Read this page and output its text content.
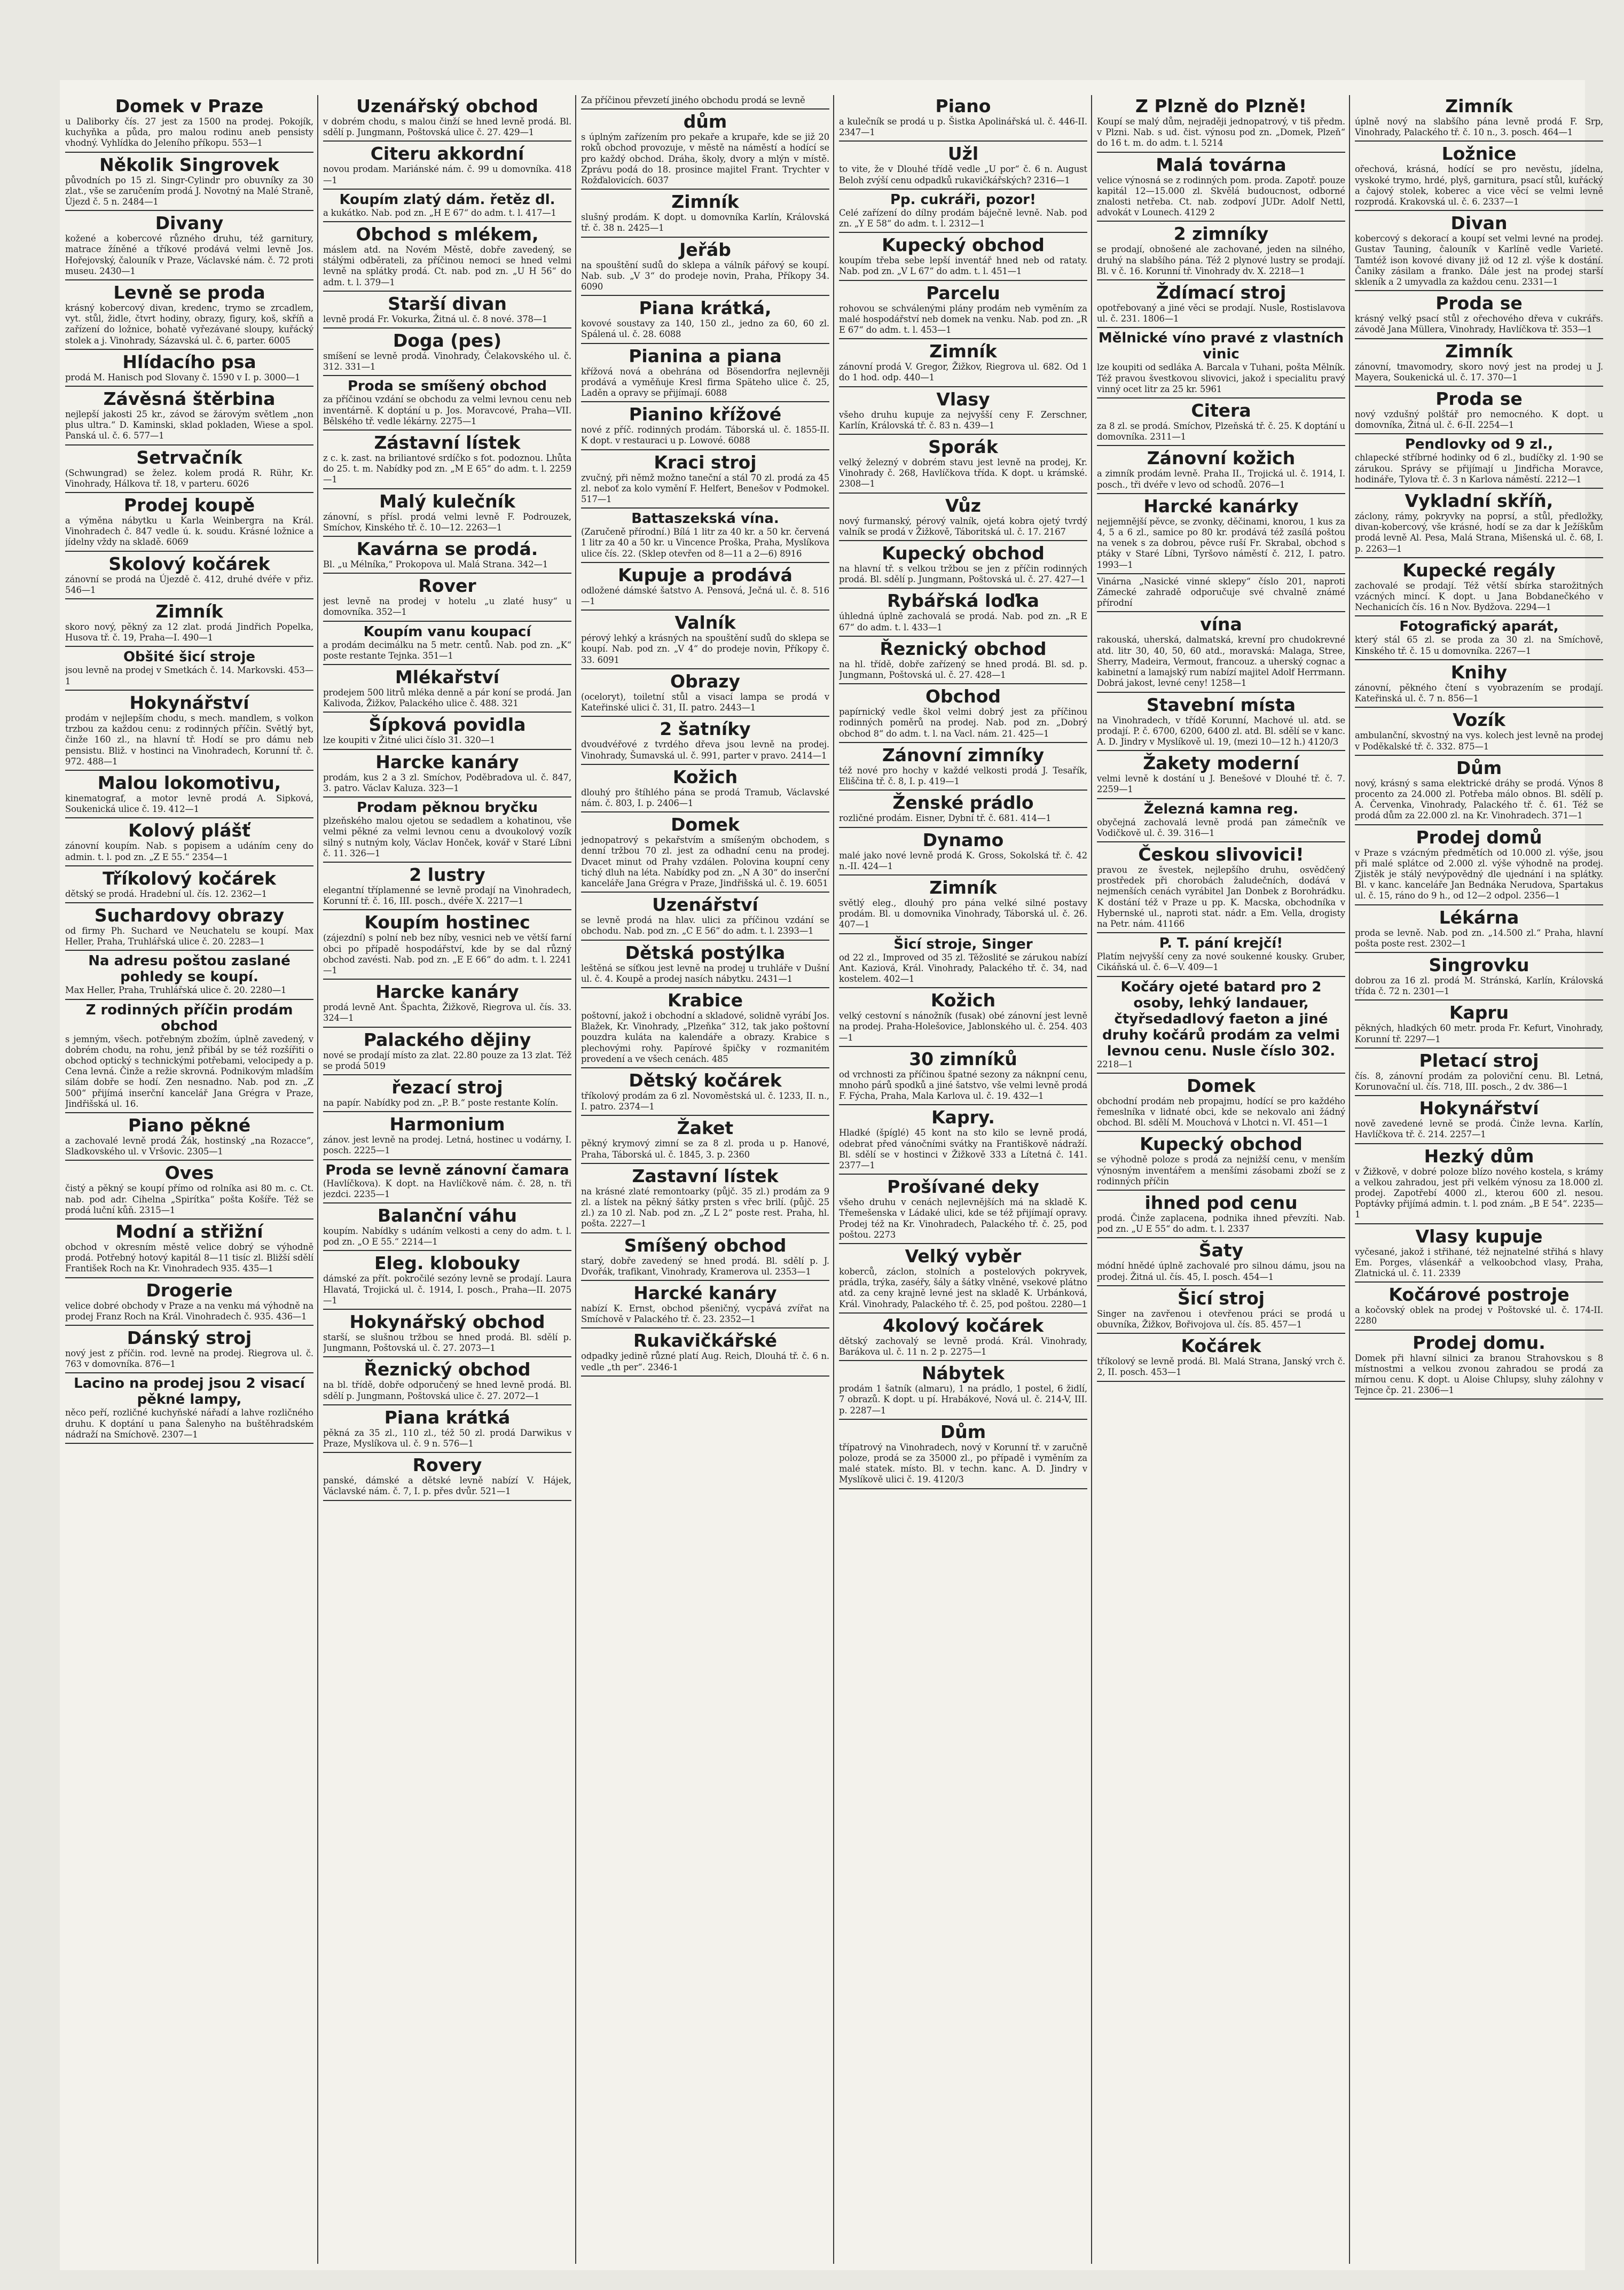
Domek v Praze
u Daliborky čís. 27 jest za 1500 na prodej. Pokojík, kuchyňka a půda, pro malou rodinu aneb pensisty vhodný. Vyhlídka do Jeleního příkopu. 553—1
Několik Singrovek
původních po 15 zl. Singr-Cylindr pro obuvníky za 30 zlat., vše se zaručením prodá J. Novotný na Malé Straně, Újezd č. 5 n. 2484—1
Divany
kožené a kobercové různého druhu, též garnitury, matrace žíněné a tříkové prodává velmi levně Jos. Hořejovský, čalouník v Praze, Václavské nám. č. 72 proti museu. 2430—1
Levně se proda
krásný kobercový divan, kredenc, trymo se zrcadlem, vyt. stůl, židle, čtvrt hodiny, obrazy, figury, koš, skříň a zařízení do ložnice, bohatě vyřezávané sloupy, kuřácký stolek a j. Vinohrady, Sázavská ul. č. 6, parter. 6005
Hlídacího psa
prodá M. Hanisch pod Slovany č. 1590 v I. p. 3000—1
Závěsná štěrbina
nejlepší jakosti 25 kr., závod se žárovým světlem „non plus ultra.“ D. Kaminski, sklad pokladen, Wiese a spol. Panská ul. č. 6. 577—1
Setrvačník
(Schwungrad) se želez. kolem prodá R. Rühr, Kr. Vinohrady, Hálkova tř. 18, v parteru. 6026
Prodej koupě
a výměna nábytku u Karla Weinbergra na Král. Vinohradech č. 847 vedle ú. k. soudu. Krásné ložnice a jídelny vždy na skladě. 6069
Skolový kočárek
zánovní se prodá na Újezdě č. 412, druhé dvéře v přiz. 546—1
Zimník
skoro nový, pěkný za 12 zlat. prodá Jindřich Popelka, Husova tř. č. 19, Praha—I. 490—1
Obšité šicí stroje
jsou levně na prodej v Smetkách č. 14. Markovski. 453—1
Hokynářství
prodám v nejlepším chodu, s mech. mandlem, s volkon trzbou za každou cenu: z rodinných příčin. Světlý byt, činže 160 zl., na hlavní tř. Hodí se pro dámu neb pensistu. Bliž. v hostinci na Vinohradech, Korunní tř. č. 972. 488—1
Malou lokomotivu,
kinematograf, a motor levně prodá A. Sipková, Soukenická ulice č. 19. 412—1
Kolový plášť
zánovní koupím. Nab. s popisem a udáním ceny do admin. t. l. pod zn. „Z E 55.“ 2354—1
Tříkolový kočárek
dětský se prodá. Hradební ul. čís. 12. 2362—1
Suchardovy obrazy
od firmy Ph. Suchard ve Neuchatelu se koupí. Max Heller, Praha, Truhlářská ulice č. 20. 2283—1
Na adresu poštou zaslané pohledy se koupí.
Max Heller, Praha, Truhlářská ulice č. 20. 2280—1
Z rodinných příčin prodám obchod
s jemným, všech. potřebným zbožím, úplně zavedený, v dobrém chodu, na rohu, jenž přibál by se též rozšířiti o obchod optický s technickými potřebami, velocipedy a p. Cena levná. Činže a režie skrovná. Podnikovým mladším silám dobře se hodí. Zen nesnadno. Nab. pod zn. „Z 500“ přijímá inserční kancelář Jana Grégra v Praze, Jindřišská ul. 16.
Piano pěkné
a zachovalé levně prodá Žák, hostinský „na Rozacce“, Sladkovského ul. v Vršovic. 2305—1
Oves
čistý a pěkný se koupí přímo od rolníka asi 80 m. c. Ct. nab. pod adr. Cihelna „Spirítka“ pošta Košíře. Též se prodá luční kůň. 2315—1
Modní a střižní
obchod v okresním městě velice dobrý se výhodně prodá. Potřebný hotový kapitál 8—11 tisíc zl. Bližší sdělí František Roch na Kr. Vinohradech 935. 435—1
Drogerie
velice dobré obchody v Praze a na venku má výhodně na prodej Franz Roch na Král. Vinohradech č. 935. 436—1
Dánský stroj
nový jest z příčin. rod. levně na prodej. Riegrova ul. č. 763 v domovníka. 876—1
Lacino na prodej jsou 2 visací pěkné lampy,
něco peří, rozličné kuchyňské nářadí a lahve rozličného druhu. K doptání u pana Šalenyho na buštěhradském nádraží na Smíchově. 2307—1
Uzenářský obchod
v dobrém chodu, s malou činží se hned levně prodá. Bl. sdělí p. Jungmann, Poštovská ulice č. 27. 429—1
Citeru akkordní
novou prodam. Mariánské nám. č. 99 u domovníka. 418—1
Koupím zlatý dám. řetěz dl.
a kukátko. Nab. pod zn. „H E 67“ do adm. t. l. 417—1
Obchod s mlékem,
máslem atd. na Novém Městě, dobře zavedený, se stálými odběrateli, za příčinou nemoci se hned velmi levně na splátky prodá. Ct. nab. pod zn. „U H 56“ do adm. t. l. 379—1
Starší divan
levně prodá Fr. Vokurka, Žitná ul. č. 8 nové. 378—1
Doga (pes)
smíšení se levně prodá. Vinohrady, Čelakovského ul. č. 312. 331—1
Proda se smíšený obchod
za příčinou vzdání se obchodu za velmi levnou cenu neb inventárně. K doptání u p. Jos. Moravcové, Praha—VII. Bělského tř. vedle lékárny. 2275—1
Zástavní lístek
z c. k. zast. na briliantové srdíčko s fot. podoznou. Lhůta do 25. t. m. Nabídky pod zn. „M E 65“ do adm. t. l. 2259—1
Malý kulečník
zánovní, s přísl. prodá velmi levně F. Podrouzek, Smíchov, Kinského tř. č. 10—12. 2263—1
Kavárna se prodá.
Bl. „u Mélníka,“ Prokopova ul. Malá Strana. 342—1
Rover
jest levně na prodej v hotelu „u zlaté husy“ u domovníka. 352—1
Koupím vanu koupací
a prodám decimálku na 5 metr. centů. Nab. pod zn. „K“ poste restante Tejnka. 351—1
Mlékařství
prodejem 500 litrů mléka denně a pár koní se prodá. Jan Kalivoda, Žižkov, Palackého ulice č. 488. 321
Šípková povidla
lze koupiti v Žitné ulici číslo 31. 320—1
Harcke kanáry
prodám, kus 2 a 3 zl. Smíchov, Poděbradova ul. č. 847, 3. patro. Václav Kaluza. 323—1
Prodam pěknou bryčku
plzeňského malou ojetou se sedadlem a kohatinou, vše velmi pěkné za velmi levnou cenu a dvoukolový vozík silný s nutným koly, Václav Honček, kovář v Staré Líbni č. 11. 326—1
2 lustry
elegantní tříplamenné se levně prodají na Vinohradech, Korunní tř. č. 16, III. posch., dvéře X. 2217—1
Koupím hostinec
(zájezdní) s polní neb bez níby, vesnici neb ve větší farní obci po případě hospodářství, kde by se dal různý obchod zavésti. Nab. pod zn. „E E 66“ do adm. t. l. 2241—1
Harcke kanáry
prodá levně Ant. Špachta, Žižkově, Riegrova ul. čís. 33. 324—1
Palackého dějiny
nové se prodají místo za zlat. 22.80 pouze za 13 zlat. Též se prodá 5019
řezací stroj
na papír. Nabídky pod zn. „P. B.“ poste restante Kolín.
Harmonium
zánov. jest levně na prodej. Letná, hostinec u vodárny, I. posch. 2225—1
Proda se levně zánovní čamara
(Havlíčkova). K dopt. na Havlíčkově nám. č. 28, n. tři jezdci. 2235—1
Balanční váhu
koupím. Nabídky s udáním velkosti a ceny do adm. t. l. pod zn. „O E 55.“ 2214—1
Eleg. klobouky
dámské za přít. pokročilé sezóny levně se prodají. Laura Hlavatá, Trojická ul. č. 1914, I. posch., Praha—II. 2075—1
Hokynářský obchod
starší, se slušnou tržbou se hned prodá. Bl. sdělí p. Jungmann, Poštovská ul. č. 27. 2073—1
Řeznický obchod
na bl. třídě, dobře odporučený se hned levně prodá. Bl. sdělí p. Jungmann, Poštovská ulice č. 27. 2072—1
Piana krátká
pěkná za 35 zl., 110 zl., též 50 zl. prodá Darwikus v Praze, Myslíkova ul. č. 9 n. 576—1
Rovery
panské, dámské a dětské levně nabízí V. Hájek, Václavské nám. č. 7, I. p. přes dvůr. 521—1
Za příčinou převzetí jiného obchodu prodá se levně
dům
s úplným zařízením pro pekaře a krupaře, kde se již 20 roků obchod provozuje, v městě na náměstí a hodící se pro každý obchod. Dráha, školy, dvory a mlýn v místě. Zprávu podá do 18. prosince majitel Frant. Trychter v Rožďalovicích. 6037
Zimník
slušný prodám. K dopt. u domovníka Karlín, Královská tř. č. 38 n. 2425—1
Jeřáb
na spouštění sudů do sklepa a válník pářový se koupí. Nab. sub. „V 3“ do prodeje novin, Praha, Příkopy 34. 6090
Piana krátká,
kovové soustavy za 140, 150 zl., jedno za 60, 60 zl. Spálená ul. č. 28. 6088
Pianina a piana
křížová nová a obehrána od Bösendorfra nejlevněji prodává a vyměňuje Kresl firma Späteho ulice č. 25, Laděn a opravy se přijímají. 6088
Pianino křížové
nové z příč. rodinných prodám. Táborská ul. č. 1855-II. K dopt. v restauraci u p. Lowové. 6088
Kraci stroj
zvučný, při němž možno taneční a stál 70 zl. prodá za 45 zl. neboť za kolo vymění F. Helfert, Benešov v Podmokel. 517—1
Battaszekská vína.
(Zaručeně přírodní.) Bílá 1 litr za 40 kr. a 50 kr. červená 1 litr za 40 a 50 kr. u Vincence Proška, Praha, Myslíkova ulice čís. 22. (Sklep otevřen od 8—11 a 2—6) 8916
Kupuje a prodává
odložené dámské šatstvo A. Pensová, Ječná ul. č. 8. 516—1
Valník
pérový lehký a krásných na spouštění sudů do sklepa se koupí. Nab. pod zn. „V 4“ do prodeje novin, Příkopy č. 33. 6091
Obrazy
(oceloryt), toiletní stůl a visací lampa se prodá v Kateřinské ulici č. 31, II. patro. 2443—1
2 šatníky
dvoudvéřové z tvrdého dřeva jsou levně na prodej. Vinohrady, Šumavská ul. č. 991, parter v pravo. 2414—1
Kožich
dlouhý pro štíhlého pána se prodá Tramub, Václavské nám. č. 803, I. p. 2406—1
Domek
jednopatrový s pekařstvím a smíšeným obchodem, s denní tržbou 70 zl. jest za odhadní cenu na prodej. Dvacet minut od Prahy vzdálen. Polovina koupní ceny tichý dluh na léta. Nabídky pod zn. „N A 30“ do inserční kanceláře Jana Grégra v Praze, Jindřišská ul. č. 19. 6051
Uzenářství
se levně prodá na hlav. ulici za příčinou vzdání se obchodu. Nab. pod zn. „C E 56“ do adm. t. l. 2393—1
Dětská postýlka
leštěná se síťkou jest levně na prodej u truhláře v Dušní ul. č. 4. Koupě a prodej nasích nábytku. 2431—1
Krabice
poštovní, jakož i obchodní a skladové, solidně vyrábí Jos. Blažek, Kr. Vinohrady, „Plzeňka“ 312, tak jako poštovní pouzdra kuláta na kalendáře a obrazy. Krabice s plechovými rohy. Papírové špičky v rozmanitém provedení a ve všech cenách. 485
Dětský kočárek
tříkolový prodám za 6 zl. Novoměstská ul. č. 1233, II. n., I. patro. 2374—1
Žaket
pěkný krymový zimní se za 8 zl. proda u p. Hanové, Praha, Táborská ul. č. 1845, 3. p. 2360
Zastavní lístek
na krásné zlaté remontoarky (půjč. 35 zl.) prodám za 9 zl. a lístek na pěkný šátky prsten s vřec brilí. (půjč. 25 zl.) za 10 zl. Nab. pod zn. „Z L 2“ poste rest. Praha, hl. pošta. 2227—1
Smíšený obchod
starý, dobře zavedený se hned prodá. Bl. sdělí p. J. Dvořák, trafikant, Vinohrady, Kramerova ul. 2353—1
Harcké kanáry
nabízí K. Ernst, obchod pšeničný, vycpává zvířat na Smíchově v Palackého tř. č. 23. 2352—1
Rukavičkářské
odpadky jedině různé platí Aug. Reich, Dlouhá tř. č. 6 n. vedle „th per“. 2346-1
Piano
a kulečník se prodá u p. Šistka Apolinářská ul. č. 446-II. 2347—1
Užl
to vite, že v Dlouhé třídě vedle „U por“ č. 6 n. August Beloh zvýší cenu odpadků rukavičkářských? 2316—1
Pp. cukráři, pozor!
Celé zařízení do dílny prodám báječně levně. Nab. pod zn. „Y E 58“ do adm. t. l. 2312—1
Kupecký obchod
koupím třeba sebe lepší inventář hned neb od rataty. Nab. pod zn. „V L 67“ do adm. t. l. 451—1
Parcelu
rohovou se schválenými plány prodám neb vyměním za malé hospodářství neb domek na venku. Nab. pod zn. „R E 67“ do adm. t. l. 453—1
Zimník
zánovní prodá V. Gregor, Žižkov, Riegrova ul. 682. Od 1 do 1 hod. odp. 440—1
Vlasy
všeho druhu kupuje za nejvyšší ceny F. Zerschner, Karlín, Královská tř. č. 83 n. 439—1
Sporák
velký železný v dobrém stavu jest levně na prodej, Kr. Vinohrady č. 268, Havlíčkova třída. K dopt. u krámské. 2308—1
Vůz
nový furmanský, pérový valník, ojetá kobra ojetý tvrdý valník se prodá v Žižkově, Táboritská ul. č. 17. 2167
Kupecký obchod
na hlavní tř. s velkou tržbou se jen z příčin rodinných prodá. Bl. sdělí p. Jungmann, Poštovská ul. č. 27. 427—1
Rybářská loďka
úhledná úplně zachovalá se prodá. Nab. pod zn. „R E 67“ do adm. t. l. 433—1
Řeznický obchod
na hl. třídě, dobře zařízený se hned prodá. Bl. sd. p. Jungmann, Poštovská ul. č. 27. 428—1
Obchod
papírnický vedle škol velmi dobrý jest za příčinou rodinných poměrů na prodej. Nab. pod zn. „Dobrý obchod 8“ do adm. t. l. na Vacl. nám. 21. 425—1
Zánovní zimníky
též nové pro hochy v každé velkosti prodá J. Tesařík, Eliščina tř. č. 8, I. p. 419—1
Ženské prádlo
rozličné prodám. Eisner, Dybní tř. č. 681. 414—1
Dynamo
malé jako nové levně prodá K. Gross, Sokolská tř. č. 42 n.-II. 424—1
Zimník
světlý eleg., dlouhý pro pána velké silné postavy prodám. Bl. u domovnika Vinohrady, Táborská ul. č. 26. 407—1
Šicí stroje, Singer
od 22 zl., Improved od 35 zl. Těžoslité se zárukou nabízí Ant. Kaziová, Král. Vinohrady, Palackého tř. č. 34, nad kostelem. 402—1
Kožich
velký cestovní s nánožník (fusak) obé zánovní jest levně na prodej. Praha-Holešovice, Jablonského ul. č. 254. 403—1
30 zimníků
od vrchnosti za příčinou špatné sezony za náknpní cenu, mnoho párů spodků a jiné šatstvo, vše velmi levně prodá F. Fýcha, Praha, Mala Karlova ul. č. 19. 432—1
Kapry.
Hladké (špíglé) 45 kont na sto kilo se levně prodá, odebrat před vánočními svátky na Františkově nádraží. Bl. sdělí se v hostinci v Žižkově 333 a Lítetná č. 141. 2377—1
Prošívané deky
všeho druhu v cenách nejlevnějších má na skladě K. Třemešenska v Ládaké ulici, kde se též přijímají opravy. Prodej též na Kr. Vinohradech, Palackého tř. č. 25, pod poštou. 2273
Velký vyběr
koberců, záclon, stolních a postelových pokryvek, prádla, trýka, zaséřy, šály a šátky vlněné, vsekové plátno atd. za ceny krajně levné jest na skladě K. Urbánková, Král. Vinohrady, Palackého tř. č. 25, pod poštou. 2280—1
4kolový kočárek
dětský zachovalý se levně prodá. Král. Vinohrady, Barákova ul. č. 11 n. 2 p. 2275—1
Nábytek
prodám 1 šatník (almaru), 1 na prádlo, 1 postel, 6 židlí, 7 obrazů. K dopt. u pí. Hrabákové, Nová ul. č. 214-V, III. p. 2287—1
Dům
třípatrový na Vinohradech, nový v Korunní tř. v zaručně poloze, prodá se za 35000 zl., po případě i vyměním za malé statek. místo. Bl. v techn. kanc. A. D. Jindry v Myslíkově ulici č. 19. 4120/3
Z Plzně do Plzně!
Koupí se malý dům, nejraději jednopatrový, v tiš předm. v Plzni. Nab. s ud. čist. výnosu pod zn. „Domek, Plzeň“ do 16 t. m. do adm. t. l. 5214
Malá továrna
velice výnosná se z rodinných pom. proda. Zapotř. pouze kapitál 12—15.000 zl. Skvělá budoucnost, odborné znalosti netřeba. Ct. nab. zodpoví JUDr. Adolf Nettl, advokát v Lounech. 4129 2
2 zimníky
se prodají, obnošené ale zachované, jeden na silného, druhý na slabšího pána. Též 2 plynové lustry se prodají. Bl. v č. 16. Korunní tř. Vinohrady dv. X. 2218—1
Ždímací stroj
opotřebovaný a jiné věci se prodají. Nusle, Rostislavova ul. č. 231. 1806—1
Mělnické víno pravé z vlastních vinic
lze koupiti od sedláka A. Barcala v Tuhani, pošta Mělník. Též pravou švestkovou slivovici, jakož i specialitu pravý vinný ocet litr za 25 kr. 5961
Citera
za 8 zl. se prodá. Smíchov, Plzeňská tř. č. 25. K doptání u domovníka. 2311—1
Zánovní kožich
a zimník prodám levně. Praha II., Trojická ul. č. 1914, I. posch., tři dvéře v levo od schodů. 2076—1
Harcké kanárky
nejjemnější pěvce, se zvonky, děčinami, knorou, 1 kus za 4, 5 a 6 zl., samice po 80 kr. prodává též zasílá poštou na venek s za dobrou, pěvce ruší Fr. Skrabal, obchod s ptáky v Staré Líbni, Tyršovo náměstí č. 212, I. patro. 1993—1
Vinárna „Nasické vinné sklepy“ číslo 201, naproti Zámecké zahradě odporučuje své chvalně známé přírodní
vína
rakouská, uherská, dalmatská, krevní pro chudokrevné atd. litr 30, 40, 50, 60 atd., moravská: Malaga, Stree, Sherry, Madeira, Vermout, francouz. a uherský cognac a kabinetní a lamajský rum nabízí majitel Adolf Herrmann. Dobrá jakost, levné ceny! 1258—1
Stavební místa
na Vinohradech, v třídě Korunní, Machové ul. atd. se prodají. P. č. 6700, 6200, 6400 zl. atd. Bl. sdělí se v kanc. A. D. Jindry v Myslíkově ul. 19, (mezi 10—12 h.) 4120/3
Žakety moderní
velmi levně k dostání u J. Benešové v Dlouhé tř. č. 7. 2259—1
Železná kamna reg.
obyčejná zachovalá levně prodá pan zámečník ve Vodičkově ul. č. 39. 316—1
Českou slivovici!
pravou ze švestek, nejlepšího druhu, osvědčený prostředek při chorobách žaludečních, dodává v nejmenších cenách vyrábitel Jan Donbek z Borohrádku. K dostání též v Praze u pp. K. Macska, obchodníka v Hybernské ul., naproti stat. nádr. a Em. Vella, drogisty na Petr. nám. 41166
P. T. pání krejčí!
Platím nejvyšší ceny za nové soukenné kousky. Gruber, Cikáňská ul. č. 6—V. 409—1
Kočáry ojeté batard pro 2 osoby, lehký landauer, čtyřsedadlový faeton a jiné druhy kočárů prodám za velmi levnou cenu. Nusle číslo 302.
2218—1
Domek
obchodní prodám neb propajmu, hodící se pro každého řemeslníka v lidnaté obci, kde se nekovalo ani žádný obchod. Bl. sdělí M. Mouchová v Lhotci n. VI. 451—1
Kupecký obchod
se výhodně poloze s prodá za nejnižší cenu, v menším výnosným inventářem a menšími zásobami zboží se z rodinných příčin
ihned pod cenu
prodá. Činže zaplacena, podnika ihned převzíti. Nab. pod zn. „U E 55“ do adm. t. l. 2337
Šaty
módní hnědé úplně zachovalé pro silnou dámu, jsou na prodej. Žitná ul. čís. 45, I. posch. 454—1
Šicí stroj
Singer na zavřenou i otevřenou práci se prodá u obuvníka, Žižkov, Bořivojova ul. čís. 85. 457—1
Kočárek
tříkolový se levně prodá. Bl. Malá Strana, Janský vrch č. 2, II. posch. 453—1
Zimník
úplně nový na slabšího pána levně prodá F. Srp, Vinohrady, Palackého tř. č. 10 n., 3. posch. 464—1
Ložnice
ořechová, krásná, hodící se pro nevěstu, jídelna, vyskoké trymo, hrdé, plyš, garnitura, psací stůl, kuřácký a čajový stolek, koberec a vice věcí se velmi levně rozprodá. Krakovská ul. č. 6. 2337—1
Divan
kobercový s dekorací a koupí set velmi levné na prodej. Gustav Tauning, čalouník v Karlíně vedle Varieté. Tamtéž ison kovové divany již od 12 zl. výše k dostání. Čaniky zásilam a franko. Dále jest na prodej starší skleník a 2 umyvadla za každou cenu. 2331—1
Proda se
krásný velký psací stůl z ořechového dřeva v cukrářs. závodě Jana Müllera, Vinohrady, Havlíčkova tř. 353—1
Zimník
zánovní, tmavomodry, skoro nový jest na prodej u J. Mayera, Soukenická ul. č. 17. 370—1
Proda se
nový vzdušný polštář pro nemocného. K dopt. u domovníka, Žitná ul. č. 6-II. 2254—1
Pendlovky od 9 zl.,
chlapecké stříbrné hodinky od 6 zl., budíčky zl. 1·90 se zárukou. Správy se přijímají u Jindřicha Moravce, hodináře, Tylova tř. č. 3 n Karlova náměstí. 2212—1
Vykladní skříň,
záclony, rámy, pokryvky na poprsí, a stůl, předložky, divan-kobercový, vše krásné, hodí se za dar k Ježíškům prodá levně Al. Pesa, Malá Strana, Mišenská ul. č. 68, I. p. 2263—1
Kupecké regály
zachovalé se prodají. Též větší sbírka starožitných vzácných mincí. K dopt. u Jana Bobdanečkého v Nechanicích čís. 16 n Nov. Bydžova. 2294—1
Fotografický aparát,
který stál 65 zl. se proda za 30 zl. na Smíchově, Kinského tř. č. 15 u domovníka. 2267—1
Knihy
zánovní, pěkného čtení s vyobrazením se prodají. Kateřinská ul. č. 7 n. 856—1
Vozík
ambulanční, skvostný na vys. kolech jest levně na prodej v Poděkalské tř. č. 332. 875—1
Dům
nový, krásný s sama elektrické dráhy se prodá. Výnos 8 procento za 24.000 zl. Potřeba málo obnos. Bl. sdělí p. A. Červenka, Vinohrady, Palackého tř. č. 61. Též se prodá dům za 22.000 zl. na Kr. Vinohradech. 371—1
Prodej domů
v Praze s vzácným předmětích od 10.000 zl. výše, jsou při malé splátce od 2.000 zl. výše výhodně na prodej. Zjistěk je stálý nevýpovědný dle ujednání i na splátky. Bl. v kanc. kanceláře Jan Bednáka Nerudova, Spartakus ul. č. 15, ráno do 9 h., od 12—2 odpol. 2356—1
Lékárna
proda se levně. Nab. pod zn. „14.500 zl.“ Praha, hlavní pošta poste rest. 2302—1
Singrovku
dobrou za 16 zl. prodá M. Stránská, Karlín, Královská třída č. 72 n. 2301—1
Kapru
pěkných, hladkých 60 metr. proda Fr. Kefurt, Vinohrady, Korunní tř. 2297—1
Pletací stroj
čís. 8, zánovní prodám za poloviční cenu. Bl. Letná, Korunovační ul. čís. 718, III. posch., 2 dv. 386—1
Hokynářství
nově zavedené levně se prodá. Činže levna. Karlín, Havlíčkova tř. č. 214. 2257—1
Hezký dům
v Žižkově, v dobré poloze blízo nového kostela, s krámy a velkou zahradou, jest při velkém výnosu za 18.000 zl. prodej. Zapotřebí 4000 zl., kterou 600 zl. nesou. Poptávky přijímá admin. t. l. pod znám. „B E 54“. 2235—1
Vlasy kupuje
vyčesané, jakož i střihané, též nejnatelné střihá s hlavy Em. Porges, vlásenkář a velkoobchod vlasy, Praha, Zlatnická ul. č. 11. 2339
Kočárové postroje
a kočovský oblek na prodej v Poštovské ul. č. 174-II. 2280
Prodej domu.
Domek při hlavní silnici za branou Strahovskou s 8 místnostmi a velkou zvonou zahradou se prodá za mírnou cenu. K dopt. u Aloise Chlupsy, sluhy zálohny v Tejnce čp. 21. 2306—1
